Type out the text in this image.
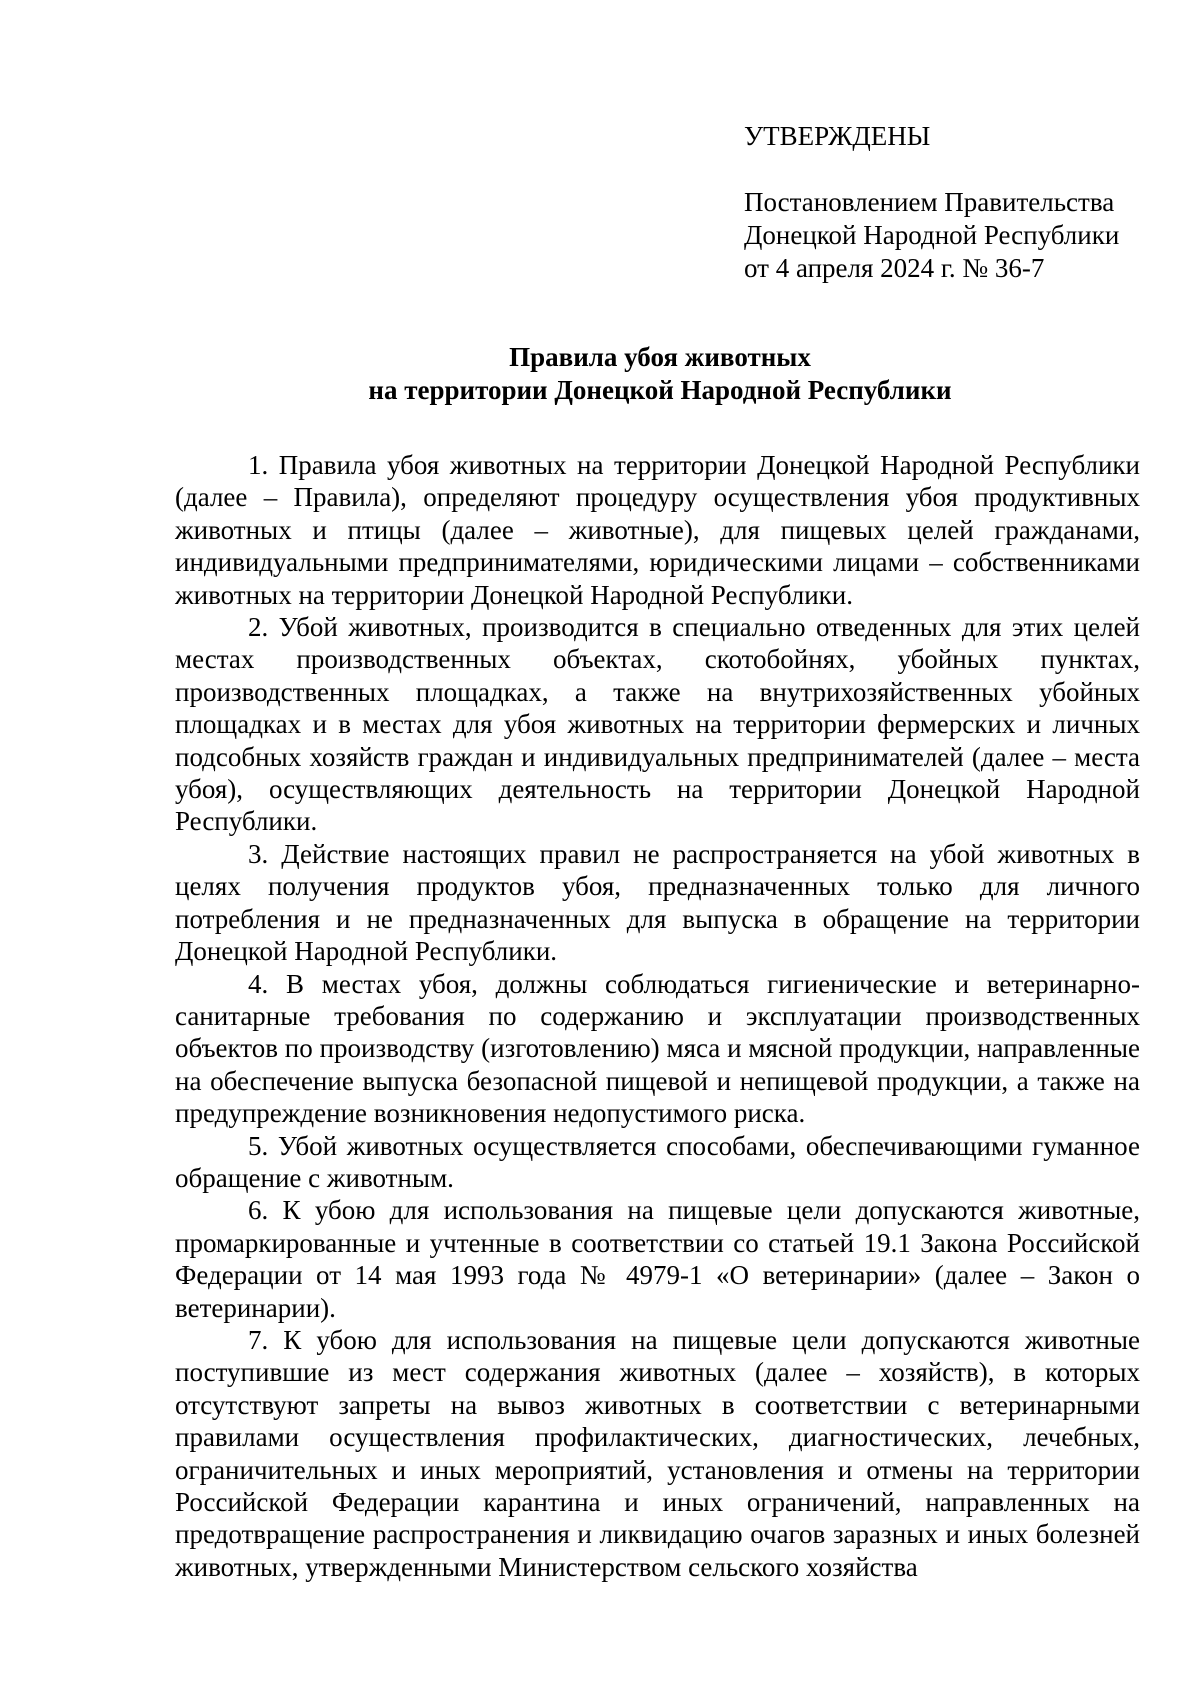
УТВЕРЖДЕНЫ
Постановлением Правительства
Донецкой Народной Республики
от 4 апреля 2024 г. № 36-7
Правила убоя животных
на территории Донецкой Народной Республики

1. Правила убоя животных на территории Донецкой Народной Республики (далее – Правила), определяют процедуру осуществления убоя продуктивных животных и птицы (далее – животные), для пищевых целей гражданами, индивидуальными предпринимателями, юридическими лицами – собственниками животных на территории Донецкой Народной Республики.

2. Убой животных, производится в специально отведенных для этих целей местах производственных объектах, скотобойнях, убойных пунктах, производственных площадках, а также на внутрихозяйственных убойных площадках и в местах для убоя животных на территории фермерских и личных подсобных хозяйств граждан и индивидуальных предпринимателей (далее – места убоя), осуществляющих деятельность на территории Донецкой Народной Республики.

3. Действие настоящих правил не распространяется на убой животных в целях получения продуктов убоя, предназначенных только для личного потребления и не предназначенных для выпуска в обращение на территории Донецкой Народной Республики.

4. В местах убоя, должны соблюдаться гигиенические и ветеринарно-санитарные требования по содержанию и эксплуатации производственных объектов по производству (изготовлению) мяса и мясной продукции, направленные на обеспечение выпуска безопасной пищевой и непищевой продукции, а также на предупреждение возникновения недопустимого риска.

5. Убой животных осуществляется способами, обеспечивающими гуманное обращение с животным.

6. К убою для использования на пищевые цели допускаются животные, промаркированные и учтенные в соответствии со статьей 19.1 Закона Российской Федерации от 14 мая 1993 года № 4979-1 «О ветеринарии» (далее – Закон о ветеринарии).

7. К убою для использования на пищевые цели допускаются животные поступившие из мест содержания животных (далее – хозяйств), в которых отсутствуют запреты на вывоз животных в соответствии с ветеринарными правилами осуществления профилактических, диагностических, лечебных, ограничительных и иных мероприятий, установления и отмены на территории Российской Федерации карантина и иных ограничений, направленных на предотвращение распространения и ликвидацию очагов заразных и иных болезней животных, утвержденными Министерством сельского хозяйства
